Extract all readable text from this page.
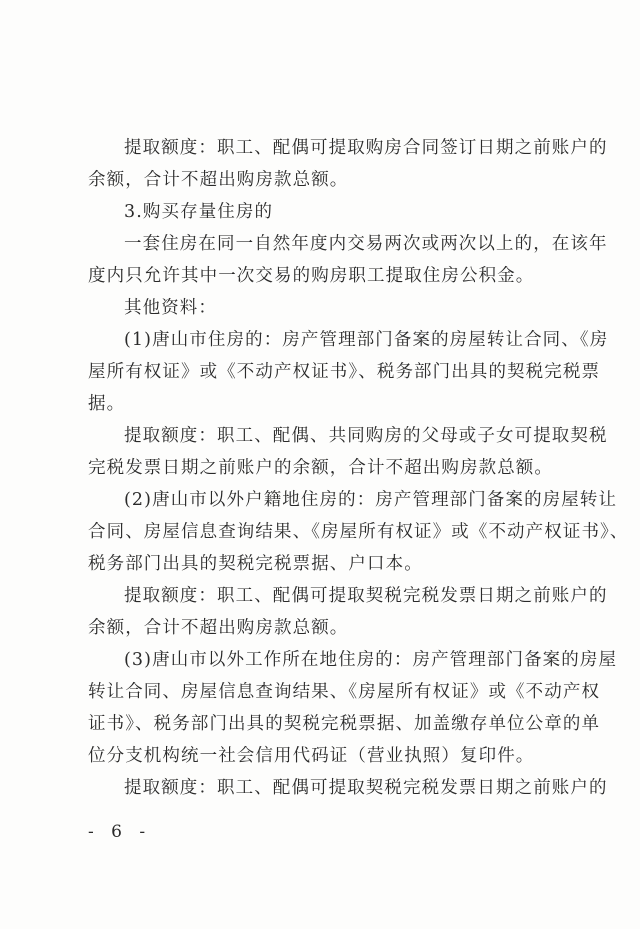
提取额度：职工、配偶可提取购房合同签订日期之前账户的
余额，合计不超出购房款总额。
3.购买存量住房的
一套住房在同一自然年度内交易两次或两次以上的，在该年
度内只允许其中一次交易的购房职工提取住房公积金。
其他资料：
(1)唐山市住房的：房产管理部门备案的房屋转让合同、《房
屋所有权证》或《不动产权证书》、税务部门出具的契税完税票
据。
提取额度：职工、配偶、共同购房的父母或子女可提取契税
完税发票日期之前账户的余额，合计不超出购房款总额。
(2)唐山市以外户籍地住房的：房产管理部门备案的房屋转让
合同、房屋信息查询结果、《房屋所有权证》或《不动产权证书》、
税务部门出具的契税完税票据、户口本。
提取额度：职工、配偶可提取契税完税发票日期之前账户的
余额，合计不超出购房款总额。
(3)唐山市以外工作所在地住房的：房产管理部门备案的房屋
转让合同、房屋信息查询结果、《房屋所有权证》或《不动产权
证书》、税务部门出具的契税完税票据、加盖缴存单位公章的单
位分支机构统一社会信用代码证（营业执照）复印件。
提取额度：职工、配偶可提取契税完税发票日期之前账户的
- 6 -
